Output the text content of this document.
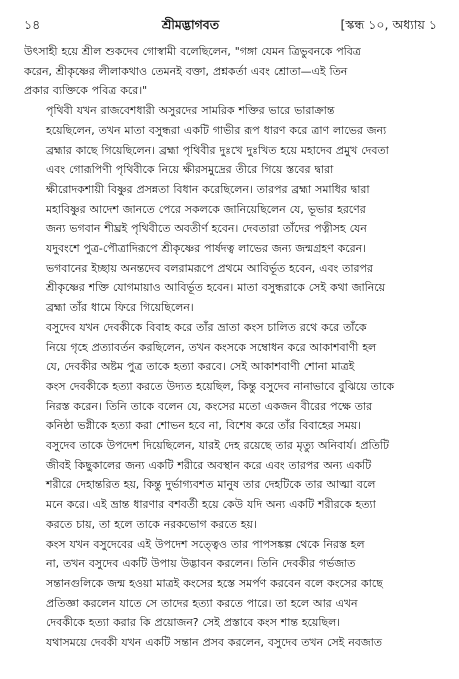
১৪	শ্রীমদ্ভাগবত	[স্কন্ধ ১০, অধ্যায় ১

উৎসাহী হয়ে শ্রীল শুকদেব গোস্বামী বলেছিলেন, "গঙ্গা যেমন ত্রিভুবনকে পবিত্র
করেন, শ্রীকৃষ্ণের লীলাকথাও তেমনই বক্তা, প্রশ্নকর্তা এবং শ্রোতা—এই তিন
প্রকার ব্যক্তিকে পবিত্র করে।"

পৃথিবী যখন রাজবেশধারী অসুরদের সামরিক শক্তির ভারে ভারাক্রান্ত
হয়েছিলেন, তখন মাতা বসুন্ধরা একটি গাভীর রূপ ধারণ করে ত্রাণ লাভের জন্য
ব্রহ্মার কাছে গিয়েছিলেন। ব্রহ্মা পৃথিবীর দুঃখে দুঃখিত হয়ে মহাদেব প্রমুখ দেবতা
এবং গোরূপিণী পৃথিবীকে নিয়ে ক্ষীরসমুদ্রের তীরে গিয়ে স্তবের দ্বারা
ক্ষীরোদকশায়ী বিষ্ণুর প্রসন্নতা বিধান করেছিলেন। তারপর ব্রহ্মা সমাধির দ্বারা
মহাবিষ্ণুর আদেশ জানতে পেরে সকলকে জানিয়েছিলেন যে, ভূভার হরণের
জন্য ভগবান শীঘ্রই পৃথিবীতে অবতীর্ণ হবেন। দেবতারা তাঁদের পত্নীসহ যেন
যদুবংশে পুত্র-পৌত্রাদিরূপে শ্রীকৃষ্ণের পার্ষদত্ব লাভের জন্য জন্মগ্রহণ করেন।
ভগবানের ইচ্ছায় অনন্তদেব বলরামরূপে প্রথমে আবির্ভূত হবেন, এবং তারপর
শ্রীকৃষ্ণের শক্তি যোগমায়াও আবির্ভূত হবেন। মাতা বসুন্ধরাকে সেই কথা জানিয়ে
ব্রহ্মা তাঁর ধামে ফিরে গিয়েছিলেন।

বসুদেব যখন দেবকীকে বিবাহ করে তাঁর ভ্রাতা কংস চালিত রথে করে তাঁকে
নিয়ে গৃহে প্রত্যাবর্তন করছিলেন, তখন কংসকে সম্বোধন করে আকাশবাণী হল
যে, দেবকীর অষ্টম পুত্র তাকে হত্যা করবে। সেই আকাশবাণী শোনা মাত্রই
কংস দেবকীকে হত্যা করতে উদ্যত হয়েছিল, কিন্তু বসুদেব নানাভাবে বুঝিয়ে তাকে
নিরস্ত করেন। তিনি তাকে বলেন যে, কংসের মতো একজন বীরের পক্ষে তার
কনিষ্ঠা ভগ্নীকে হত্যা করা শোভন হবে না, বিশেষ করে তাঁর বিবাহের সময়।
বসুদেব তাকে উপদেশ দিয়েছিলেন, যারই দেহ রয়েছে তার মৃত্যু অনিবার্য। প্রতিটি
জীবই কিছুকালের জন্য একটি শরীরে অবস্থান করে এবং তারপর অন্য একটি
শরীরে দেহান্তরিত হয়, কিন্তু দুর্ভাগ্যবশত মানুষ তার দেহটিকে তার আত্মা বলে
মনে করে। এই ভ্রান্ত ধারণার বশবর্তী হয়ে কেউ যদি অন্য একটি শরীরকে হত্যা
করতে চায়, তা হলে তাকে নরকভোগ করতে হয়।

কংস যখন বসুদেবের এই উপদেশ সত্ত্বেও তার পাপসঙ্কল্প থেকে নিরস্ত হল
না, তখন বসুদেব একটি উপায় উদ্ভাবন করলেন। তিনি দেবকীর গর্ভজাত
সন্তানগুলিকে জন্ম হওয়া মাত্রই কংসের হস্তে সমর্পণ করবেন বলে কংসের কাছে
প্রতিজ্ঞা করলেন যাতে সে তাদের হত্যা করতে পারে। তা হলে আর এখন
দেবকীকে হত্যা করার কি প্রয়োজন? সেই প্রস্তাবে কংস শান্ত হয়েছিল।
যথাসময়ে দেবকী যখন একটি সন্তান প্রসব করলেন, বসুদেব তখন সেই নবজাত
